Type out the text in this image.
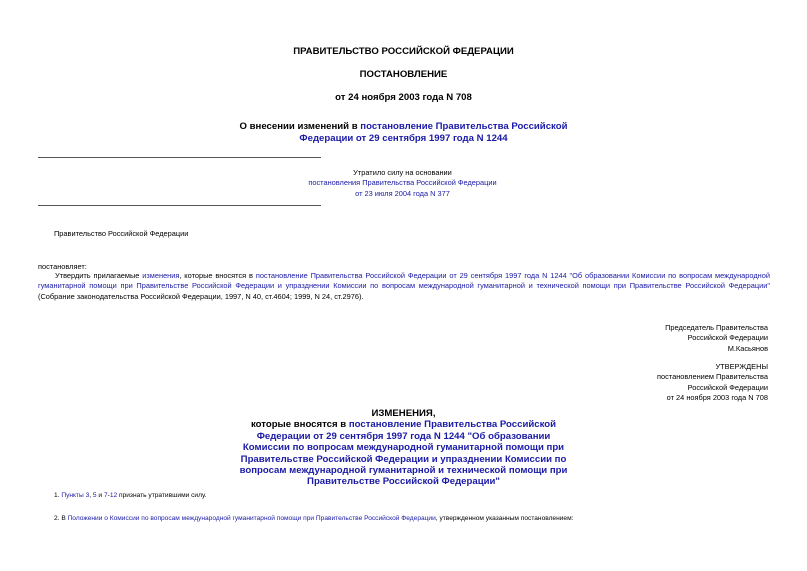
ПРАВИТЕЛЬСТВО РОССИЙСКОЙ ФЕДЕРАЦИИ
ПОСТАНОВЛЕНИЕ
от 24 ноября 2003 года N 708
О внесении изменений в постановление Правительства Российской
Федерации от 29 сентября 1997 года N 1244

Утратило силу на основании

постановления Правительства Российской Федерации

от 23 июля 2004 года N 377

Правительство Российской Федерации
постановляет:
Утвердить прилагаемые изменения, которые вносятся в постановление Правительства Российской Федерации от 29 сентября 1997 года N 1244 "Об образовании Комиссии по вопросам международной гуманитарной помощи при Правительстве Российской Федерации и упразднении Комиссии по вопросам международной гуманитарной и технической помощи при Правительстве Российской Федерации" (Собрание законодательства Российской Федерации, 1997, N 40, ст.4604; 1999, N 24, ст.2976).

Председатель Правительства

Российской Федерации

М.Касьянов

УТВЕРЖДЕНЫ

постановлением Правительства

Российской Федерации

от 24 ноября 2003 года N 708

ИЗМЕНЕНИЯ,

которые вносятся в постановление Правительства Российской

Федерации от 29 сентября 1997 года N 1244 "Об образовании

Комиссии по вопросам международной гуманитарной помощи при

Правительстве Российской Федерации и упразднении Комиссии по

вопросам международной гуманитарной и технической помощи при

Правительстве Российской Федерации"

1. Пункты 3, 5 и 7-12 признать утратившими силу.
2. В Положении о Комиссии по вопросам международной гуманитарной помощи при Правительстве Российской Федерации, утвержденном указанным постановлением:
